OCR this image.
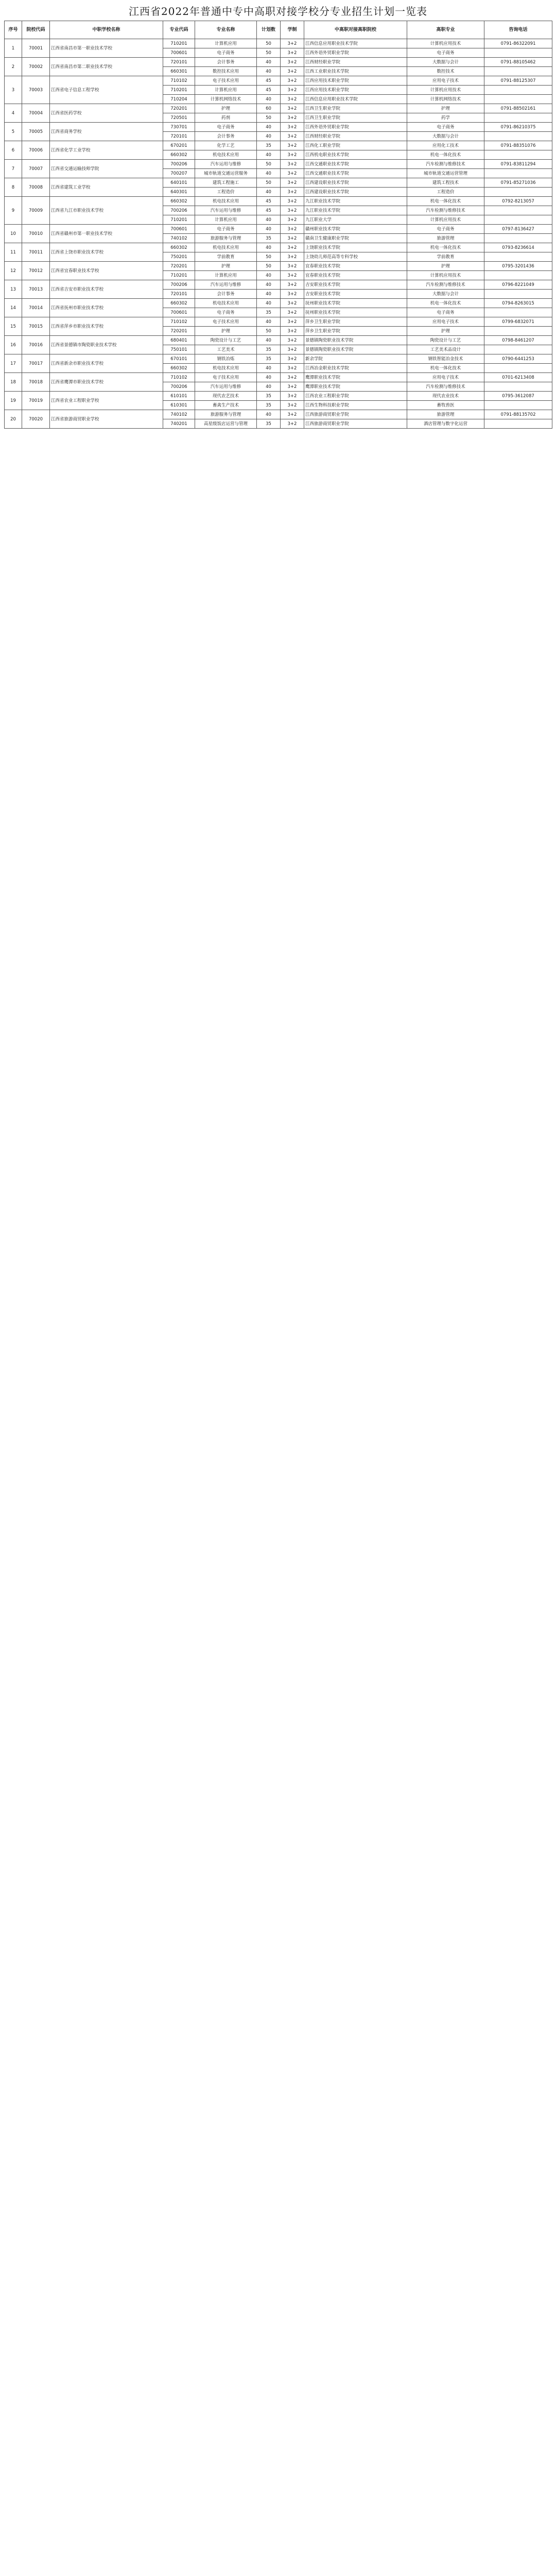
江西省2022年普通中专中高职对接学校分专业招生计划一览表
序号	院校代码	中职学校名称	专业代码	专业名称	计划数	学制	中高职对接高职院校	高职专业	咨询电话
1	70001	江西省南昌市第一职业技术学校	710201	计算机应用	50	3+2	江西信息应用职业技术学院	计算机应用技术	0791-86322091
			700601	电子商务	50	3+2	江西外语外贸职业学院	电子商务	
2	70002	江西省南昌市第二职业技术学校	720101	会计事务	40	3+2	江西财经职业学院	大数据与会计	0791-88105462
			660301	数控技术应用	40	3+2	江西工业职业技术学院	数控技术	
3	70003	江西省电子信息工程学校	710102	电子技术应用	45	3+2	江西应用技术职业学院	应用电子技术	0791-88125307
			710201	计算机应用	45	3+2	江西应用技术职业学院	计算机应用技术	
			710204	计算机网络技术	40	3+2	江西信息应用职业技术学院	计算机网络技术	
4	70004	江西省医药学校	720201	护理	60	3+2	江西卫生职业学院	护理	0791-88502161
			720501	药剂	50	3+2	江西卫生职业学院	药学	
5	70005	江西省商务学校	730701	电子商务	40	3+2	江西外语外贸职业学院	电子商务	0791-86210375
			720101	会计事务	40	3+2	江西财经职业学院	大数据与会计	
6	70006	江西省化学工业学校	670201	化学工艺	35	3+2	江西化工职业学院	应用化工技术	0791-88351076
			660302	机电技术应用	40	3+2	江西机电职业技术学院	机电一体化技术	
7	70007	江西省交通运输技师学院	700206	汽车运用与维修	50	3+2	江西交通职业技术学院	汽车检测与维修技术	0791-83811294
			700207	城市轨道交通运营服务	40	3+2	江西交通职业技术学院	城市轨道交通运营管理	
8	70008	江西省建筑工业学校	640101	建筑工程施工	50	3+2	江西建设职业技术学院	建筑工程技术	0791-85271036
			640301	工程造价	40	3+2	江西建设职业技术学院	工程造价	
9	70009	江西省九江市职业技术学校	660302	机电技术应用	45	3+2	九江职业技术学院	机电一体化技术	0792-8213057
			700206	汽车运用与维修	45	3+2	九江职业技术学院	汽车检测与维修技术	
			710201	计算机应用	40	3+2	九江职业大学	计算机应用技术	
10	70010	江西省赣州市第一职业技术学校	700601	电子商务	40	3+2	赣州职业技术学院	电子商务	0797-8136427
			740102	旅游服务与管理	35	3+2	赣南卫生健康职业学院	旅游管理	
11	70011	江西省上饶市职业技术学校	660302	机电技术应用	40	3+2	上饶职业技术学院	机电一体化技术	0793-8236614
			750201	学前教育	50	3+2	上饶幼儿师范高等专科学校	学前教育	
12	70012	江西省宜春职业技术学校	720201	护理	50	3+2	宜春职业技术学院	护理	0795-3201436
			710201	计算机应用	40	3+2	宜春职业技术学院	计算机应用技术	
13	70013	江西省吉安市职业技术学校	700206	汽车运用与维修	40	3+2	吉安职业技术学院	汽车检测与维修技术	0796-8221049
			720101	会计事务	40	3+2	吉安职业技术学院	大数据与会计	
14	70014	江西省抚州市职业技术学校	660302	机电技术应用	40	3+2	抚州职业技术学院	机电一体化技术	0794-8263015
			700601	电子商务	35	3+2	抚州职业技术学院	电子商务	
15	70015	江西省萍乡市职业技术学校	710102	电子技术应用	40	3+2	萍乡卫生职业学院	应用电子技术	0799-6832071
			720201	护理	50	3+2	萍乡卫生职业学院	护理	
16	70016	江西省景德镇市陶瓷职业技术学校	680401	陶瓷设计与工艺	40	3+2	景德镇陶瓷职业技术学院	陶瓷设计与工艺	0798-8461207
			750101	工艺美术	35	3+2	景德镇陶瓷职业技术学院	工艺美术品设计	
17	70017	江西省新余市职业技术学校	670101	钢铁冶炼	35	3+2	新余学院	钢铁智能冶金技术	0790-6441253
			660302	机电技术应用	40	3+2	江西冶金职业技术学院	机电一体化技术	
18	70018	江西省鹰潭市职业技术学校	710102	电子技术应用	40	3+2	鹰潭职业技术学院	应用电子技术	0701-6213408
			700206	汽车运用与维修	40	3+2	鹰潭职业技术学院	汽车检测与维修技术	
19	70019	江西省农业工程职业学校	610101	现代农艺技术	35	3+2	江西农业工程职业学院	现代农业技术	0795-3612087
			610301	畜禽生产技术	35	3+2	江西生物科技职业学院	畜牧兽医	
20	70020	江西省旅游商贸职业学校	740102	旅游服务与管理	40	3+2	江西旅游商贸职业学院	旅游管理	0791-88135702
			740201	高星级饭店运营与管理	35	3+2	江西旅游商贸职业学院	酒店管理与数字化运营	
